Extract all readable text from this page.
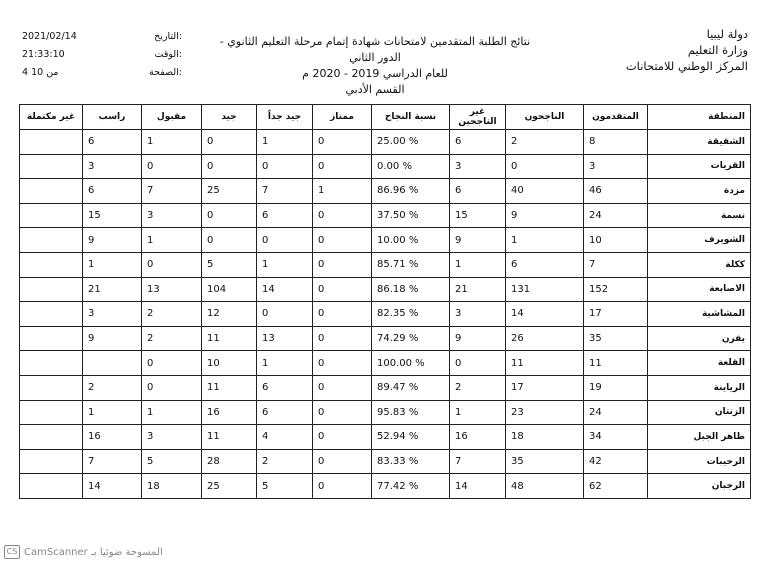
دولة ليبيا
وزارة التعليم
المركز الوطني للامتحانات
نتائج الطلبة المتقدمين لامتحانات شهادة إتمام مرحلة التعليم الثانوي - الدور الثاني
للعام الدراسي 2019 - 2020 م
القسم الأدبي
2021/02/14	التاريخ:
21:33:10	الوقت:
4 من 10	الصفحة:
المنطقة	المتقدمون	الناجحون	غير الناجحين	نسبة النجاح	ممتاز	جيد جداً	جيد	مقبول	راسب	غير مكتملة
الشقيقة	8	2	6	% 25.00	0	1	0	1	6	
القريات	3	0	3	% 0.00	0	0	0	0	3	
مزدة	46	40	6	% 86.96	1	7	25	7	6	
نسمة	24	9	15	% 37.50	0	6	0	3	15	
الشويرف	10	1	9	% 10.00	0	0	0	1	9	
ككلة	7	6	1	% 85.71	0	1	5	0	1	
الاصابعة	152	131	21	% 86.18	0	14	104	13	21	
المشاشية	17	14	3	% 82.35	0	0	12	2	3	
يفرن	35	26	9	% 74.29	0	13	11	2	9	
القلعة	11	11	0	% 100.00	0	1	10	0		
الرياينة	19	17	2	% 89.47	0	6	11	0	2	
الزنتان	24	23	1	% 95.83	0	6	16	1	1	
ظاهر الجبل	34	18	16	% 52.94	0	4	11	3	16	
الرحيبات	42	35	7	% 83.33	0	2	28	5	7	
الرجبان	62	48	14	% 77.42	0	5	25	18	14	
CS CamScanner المسوحة ضوئيا بـ
